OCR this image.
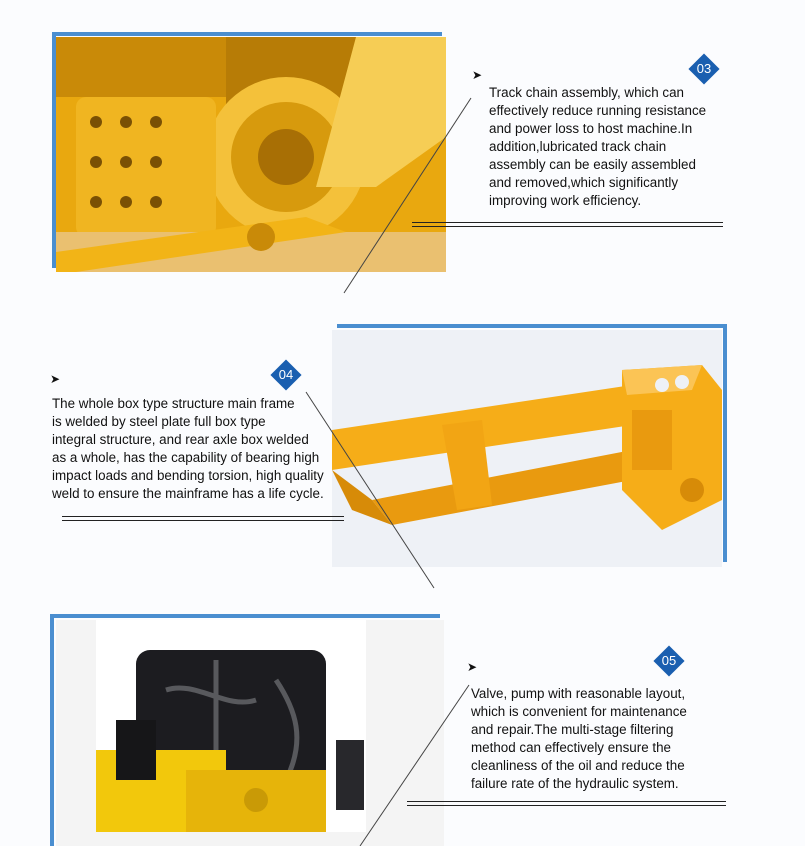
➤	03
Track chain assembly, which can
effectively reduce running resistance
and power loss to host machine.In
addition,lubricated track chain
assembly can be easily assembled
and removed,which significantly
improving work efficiency.
➤	04
The whole box type structure main frame
is welded by steel plate full box type
integral structure, and rear axle box welded
as a whole, has the capability of bearing high
impact loads and bending torsion, high quality
weld to ensure the mainframe has a life cycle.
➤	05
Valve, pump with reasonable layout,
which is convenient for maintenance
and repair.The multi-stage filtering
method can effectively ensure the
cleanliness of the oil and reduce the
failure rate of the hydraulic system.
